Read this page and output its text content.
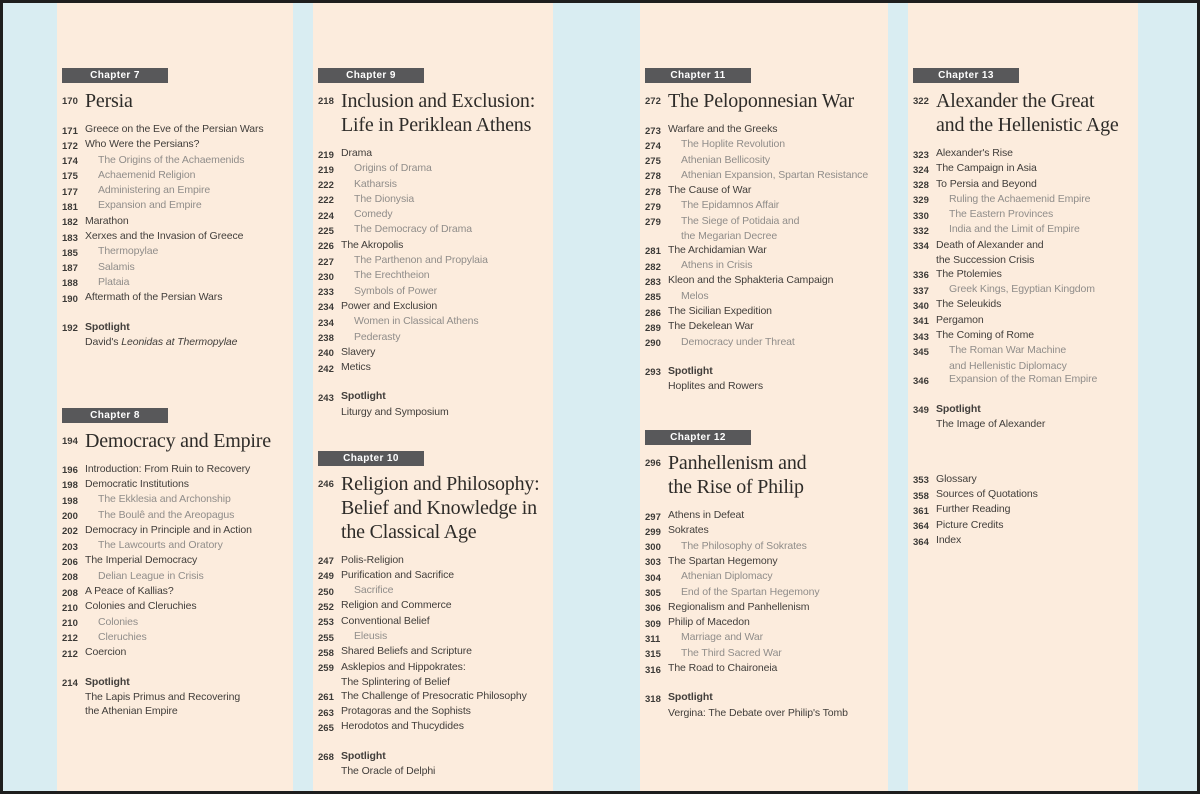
Chapter 7
170 Persia
171 Greece on the Eve of the Persian Wars
172 Who Were the Persians?
174	The Origins of the Achaemenids
175	Achaemenid Religion
177	Administering an Empire
181	Expansion and Empire
182 Marathon
183 Xerxes and the Invasion of Greece
185	Thermopylae
187	Salamis
188	Plataia
190 Aftermath of the Persian Wars
192 Spotlight
David's Leonidas at Thermopylae
Chapter 8
194 Democracy and Empire
196 Introduction: From Ruin to Recovery
198 Democratic Institutions
198	The Ekklesia and Archonship
200	The Boulê and the Areopagus
202 Democracy in Principle and in Action
203	The Lawcourts and Oratory
206 The Imperial Democracy
208	Delian League in Crisis
208 A Peace of Kallias?
210 Colonies and Cleruchies
210	Colonies
212	Cleruchies
212 Coercion
214 Spotlight
The Lapis Primus and Recovering
the Athenian Empire
Chapter 9
218 Inclusion and Exclusion:
Life in Periklean Athens
219 Drama
219	Origins of Drama
222	Katharsis
222	The Dionysia
224	Comedy
225	The Democracy of Drama
226 The Akropolis
227	The Parthenon and Propylaia
230	The Erechtheion
233	Symbols of Power
234 Power and Exclusion
234	Women in Classical Athens
238	Pederasty
240 Slavery
242 Metics
243 Spotlight
Liturgy and Symposium
Chapter 10
246 Religion and Philosophy:
Belief and Knowledge in
the Classical Age
247 Polis-Religion
249 Purification and Sacrifice
250	Sacrifice
252 Religion and Commerce
253 Conventional Belief
255	Eleusis
258 Shared Beliefs and Scripture
259 Asklepios and Hippokrates:
The Splintering of Belief
261 The Challenge of Presocratic Philosophy
263 Protagoras and the Sophists
265 Herodotos and Thucydides
268 Spotlight
The Oracle of Delphi
Chapter 11
272 The Peloponnesian War
273 Warfare and the Greeks
274	The Hoplite Revolution
275	Athenian Bellicosity
278	Athenian Expansion, Spartan Resistance
278 The Cause of War
279	The Epidamnos Affair
279	The Siege of Potidaia and
the Megarian Decree
281 The Archidamian War
282	Athens in Crisis
283 Kleon and the Sphakteria Campaign
285	Melos
286 The Sicilian Expedition
289 The Dekelean War
290	Democracy under Threat
293 Spotlight
Hoplites and Rowers
Chapter 12
296 Panhellenism and
the Rise of Philip
297 Athens in Defeat
299 Sokrates
300	The Philosophy of Sokrates
303 The Spartan Hegemony
304	Athenian Diplomacy
305	End of the Spartan Hegemony
306 Regionalism and Panhellenism
309 Philip of Macedon
311	Marriage and War
315	The Third Sacred War
316 The Road to Chaironeia
318 Spotlight
Vergina: The Debate over Philip's Tomb
Chapter 13
322 Alexander the Great
and the Hellenistic Age
323 Alexander's Rise
324 The Campaign in Asia
328 To Persia and Beyond
329	Ruling the Achaemenid Empire
330	The Eastern Provinces
332	India and the Limit of Empire
334 Death of Alexander and
the Succession Crisis
336 The Ptolemies
337	Greek Kings, Egyptian Kingdom
340 The Seleukids
341 Pergamon
343 The Coming of Rome
345	The Roman War Machine
and Hellenistic Diplomacy
346	Expansion of the Roman Empire
349 Spotlight
The Image of Alexander
353 Glossary
358 Sources of Quotations
361 Further Reading
364 Picture Credits
364 Index
